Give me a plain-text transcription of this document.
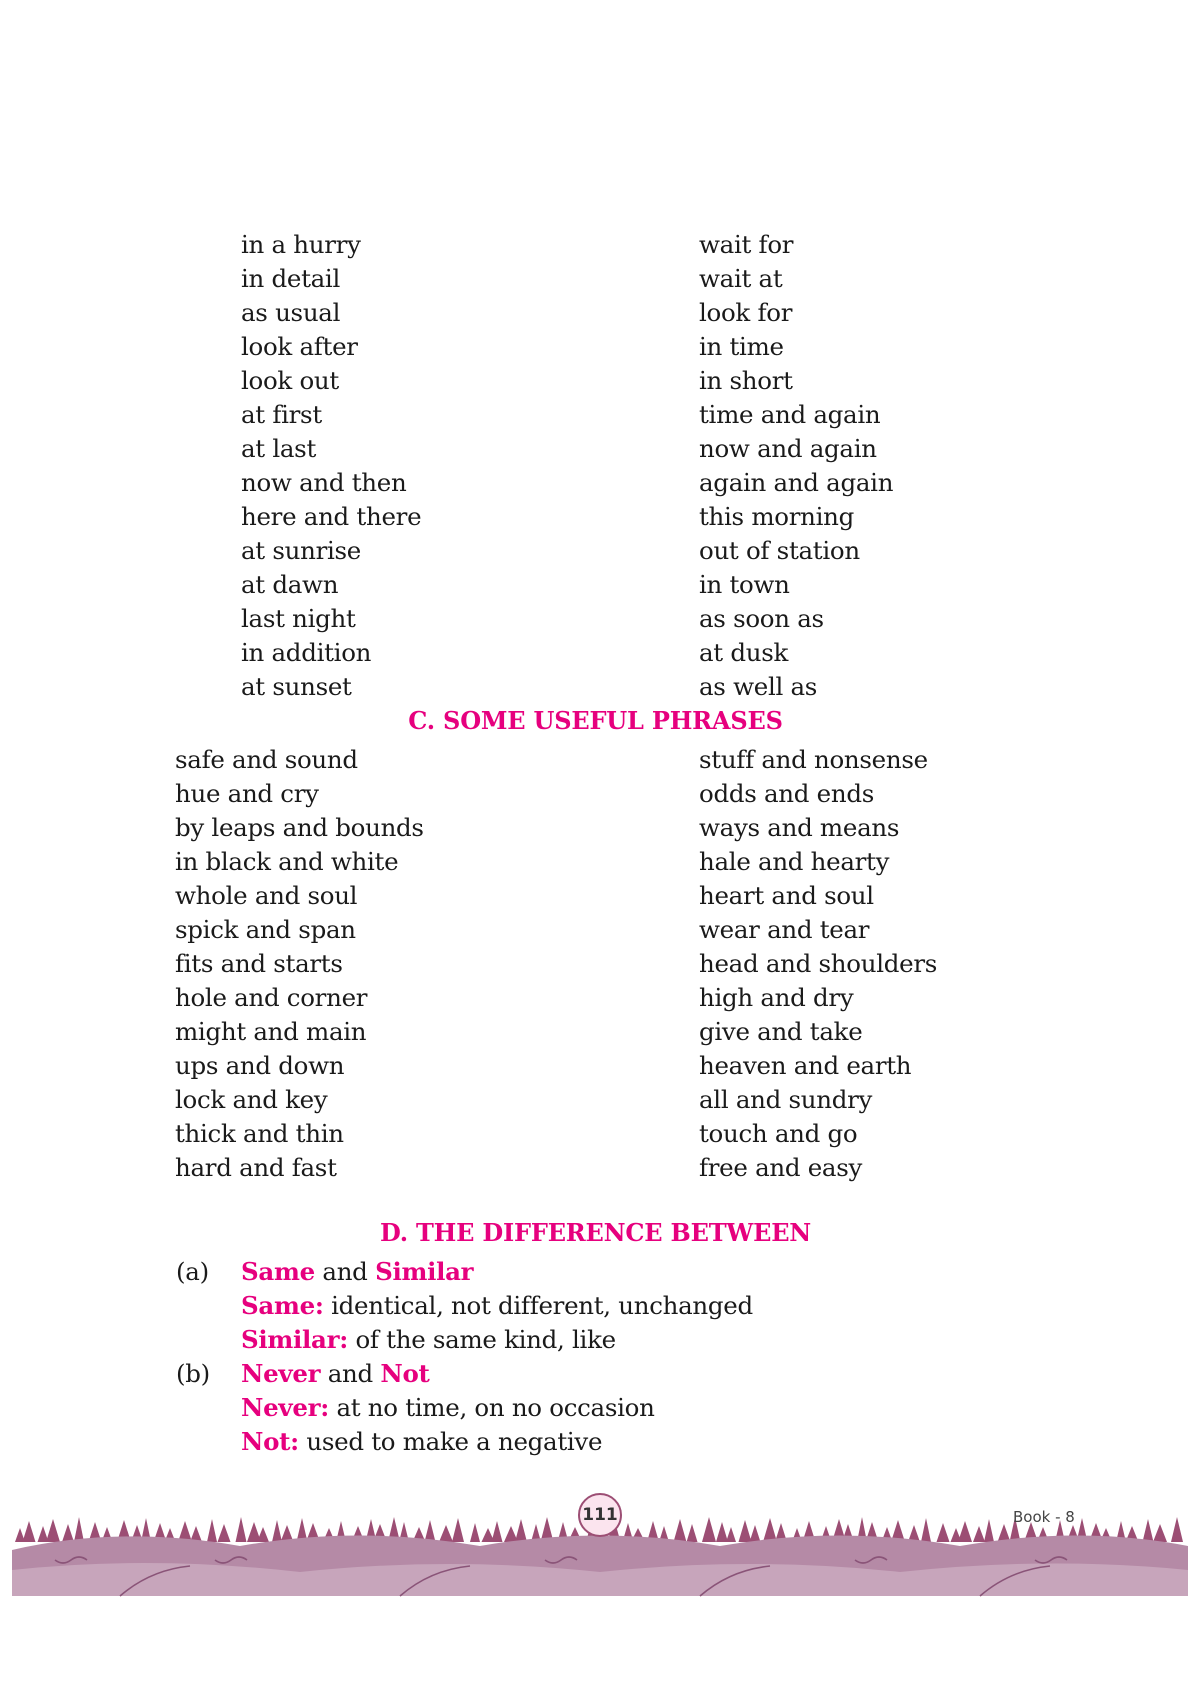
in a hurry
in detail
as usual
look after
look out
at first
at last
now and then
here and there
at sunrise
at dawn
last night
in addition
at sunset
wait for
wait at
look for
in time
in short
time and again
now and again
again and again
this morning
out of station
in town
as soon as
at dusk
as well as
C. SOME USEFUL PHRASES
safe and sound
hue and cry
by leaps and bounds
in black and white
whole and soul
spick and span
fits and starts
hole and corner
might and main
ups and down
lock and key
thick and thin
hard and fast
stuff and nonsense
odds and ends
ways and means
hale and hearty
heart and soul
wear and tear
head and shoulders
high and dry
give and take
heaven and earth
all and sundry
touch and go
free and easy
D. THE DIFFERENCE BETWEEN
(a) Same and Similar
Same: identical, not different, unchanged
Similar: of the same kind, like
(b) Never and Not
Never: at no time, on no occasion
Not: used to make a negative
111	Book - 8
